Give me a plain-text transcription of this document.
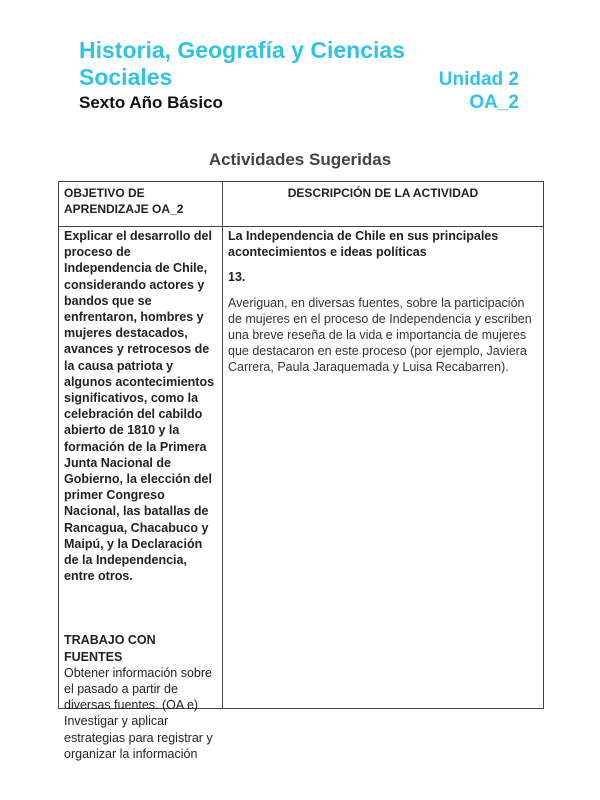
Historia, Geografía y Ciencias
Sociales	Unidad 2
Sexto Año Básico	OA_2
Actividades Sugeridas
OBJETIVO DE APRENDIZAJE OA_2
DESCRIPCIÓN DE LA ACTIVIDAD

Explicar el desarrollo del proceso de Independencia de Chile, considerando actores y bandos que se enfrentaron, hombres y mujeres destacados, avances y retrocesos de la causa patriota y algunos acontecimientos significativos, como la celebración del cabildo abierto de 1810 y la formación de la Primera Junta Nacional de Gobierno, la elección del primer Congreso Nacional, las batallas de Rancagua, Chacabuco y Maipú, y la Declaración de la Independencia, entre otros.

TRABAJO CON FUENTES

Obtener información sobre el pasado a partir de diversas fuentes. (OA e) Investigar y aplicar estrategias para registrar y organizar la información

La Independencia de Chile en sus principales acontecimientos e ideas políticas

13.

Averiguan, en diversas fuentes, sobre la participación de mujeres en el proceso de Independencia y escriben una breve reseña de la vida e importancia de mujeres que destacaron en este proceso (por ejemplo, Javiera Carrera, Paula Jaraquemada y Luisa Recabarren).
